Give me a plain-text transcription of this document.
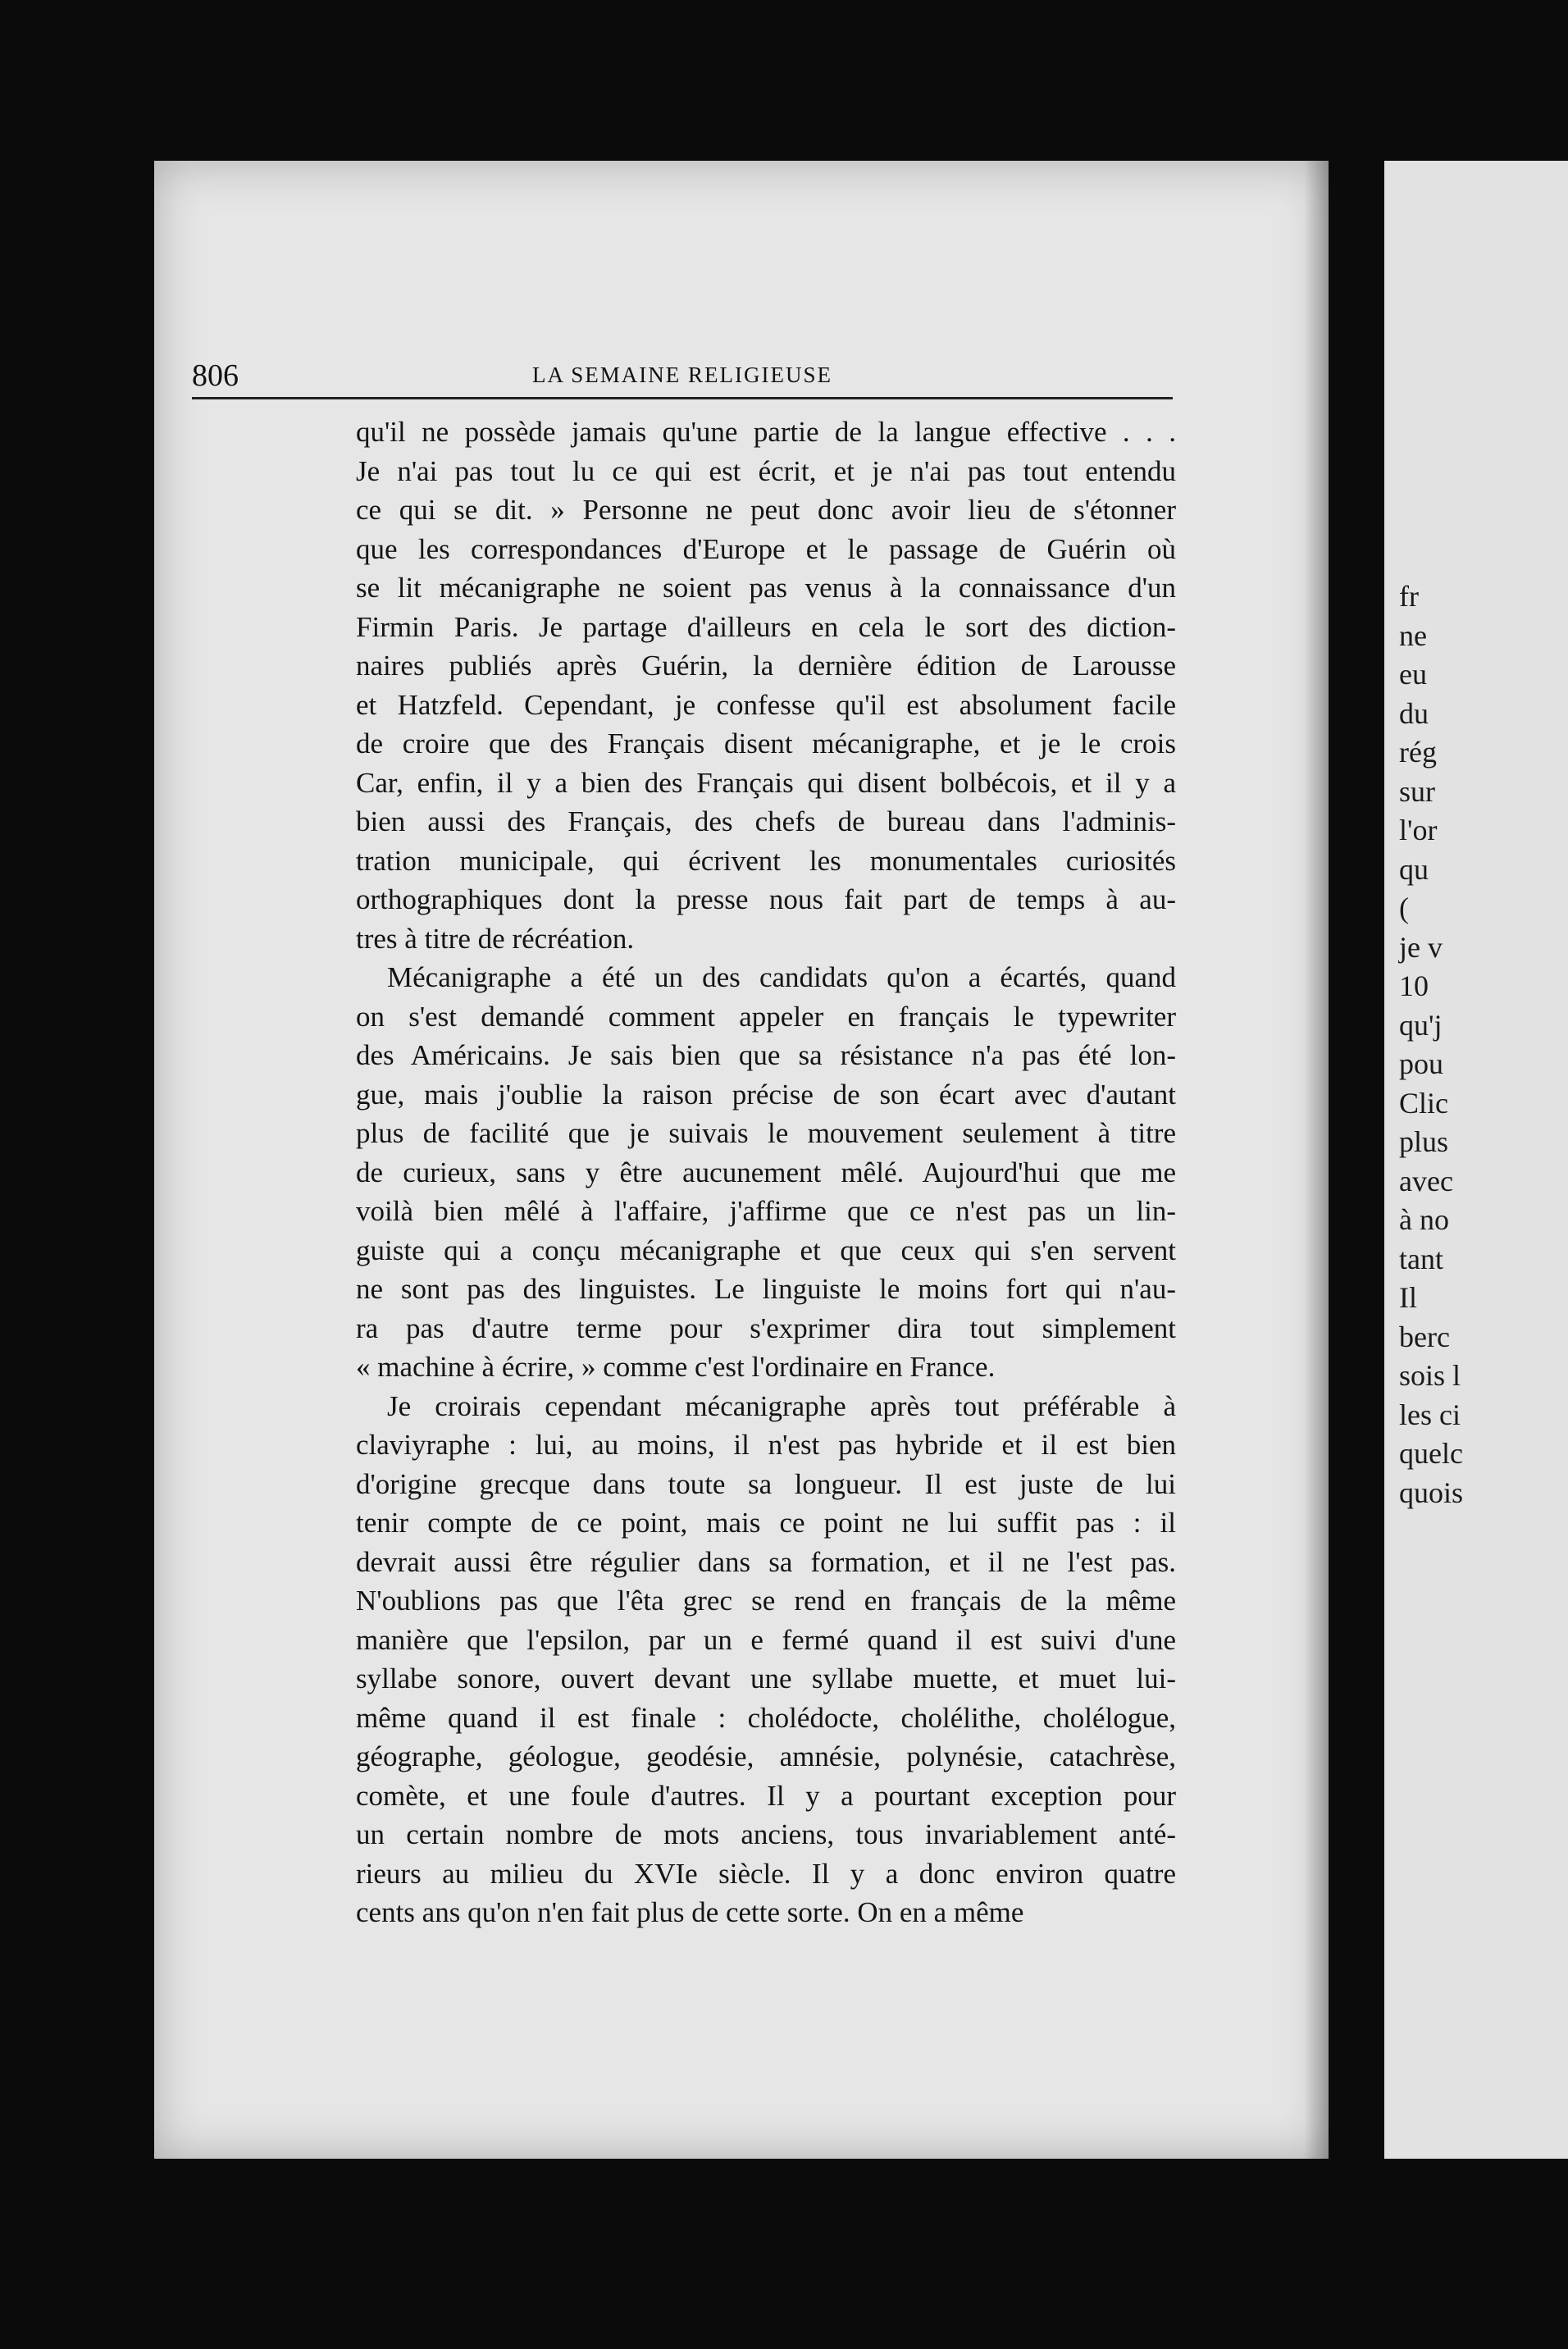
fr
ne
eu
du
rég
sur
l'or
qu
(
je v
10
qu'j
pou
Clic
plus
avec
à no
tant
Il
berc
sois l
les ci
quelc
quois
806	LA SEMAINE RELIGIEUSE
qu'il ne possède jamais qu'une partie de la langue effective . . .
Je n'ai pas tout lu ce qui est écrit, et je n'ai pas tout entendu
ce qui se dit. » Personne ne peut donc avoir lieu de s'étonner
que les correspondances d'Europe et le passage de Guérin où
se lit mécanigraphe ne soient pas venus à la connaissance d'un
Firmin Paris. Je partage d'ailleurs en cela le sort des diction-
naires publiés après Guérin, la dernière édition de Larousse
et Hatzfeld. Cependant, je confesse qu'il est absolument facile
de croire que des Français disent mécanigraphe, et je le crois
Car, enfin, il y a bien des Français qui disent bolbécois, et il y a
bien aussi des Français, des chefs de bureau dans l'adminis-
tration municipale, qui écrivent les monumentales curiosités
orthographiques dont la presse nous fait part de temps à au-
tres à titre de récréation.
Mécanigraphe a été un des candidats qu'on a écartés, quand
on s'est demandé comment appeler en français le typewriter
des Américains. Je sais bien que sa résistance n'a pas été lon-
gue, mais j'oublie la raison précise de son écart avec d'autant
plus de facilité que je suivais le mouvement seulement à titre
de curieux, sans y être aucunement mêlé. Aujourd'hui que me
voilà bien mêlé à l'affaire, j'affirme que ce n'est pas un lin-
guiste qui a conçu mécanigraphe et que ceux qui s'en servent
ne sont pas des linguistes. Le linguiste le moins fort qui n'au-
ra pas d'autre terme pour s'exprimer dira tout simplement
« machine à écrire, » comme c'est l'ordinaire en France.
Je croirais cependant mécanigraphe après tout préférable à
claviyraphe : lui, au moins, il n'est pas hybride et il est bien
d'origine grecque dans toute sa longueur. Il est juste de lui
tenir compte de ce point, mais ce point ne lui suffit pas : il
devrait aussi être régulier dans sa formation, et il ne l'est pas.
N'oublions pas que l'êta grec se rend en français de la même
manière que l'epsilon, par un e fermé quand il est suivi d'une
syllabe sonore, ouvert devant une syllabe muette, et muet lui-
même quand il est finale : cholédocte, cholélithe, cholélogue,
géographe, géologue, geodésie, amnésie, polynésie, catachrèse,
comète, et une foule d'autres. Il y a pourtant exception pour
un certain nombre de mots anciens, tous invariablement anté-
rieurs au milieu du XVIe siècle. Il y a donc environ quatre
cents ans qu'on n'en fait plus de cette sorte. On en a même
